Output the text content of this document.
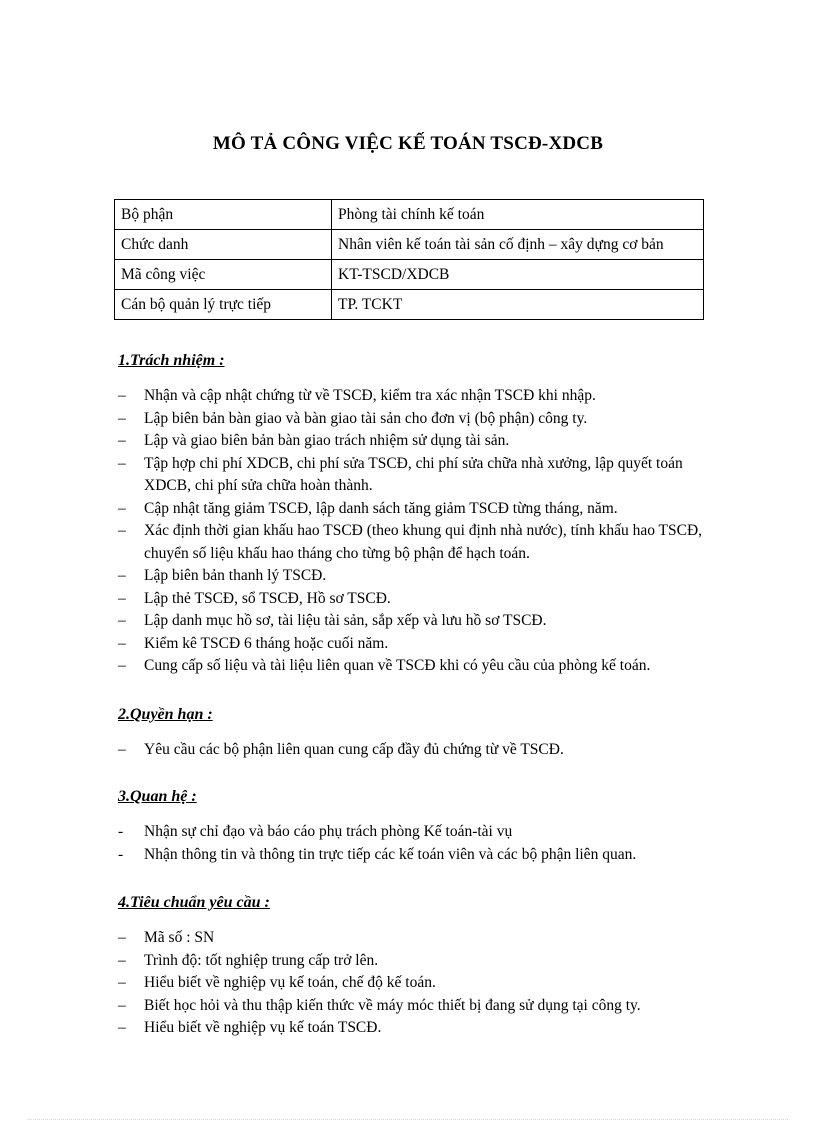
MÔ TẢ CÔNG VIỆC KẾ TOÁN TSCĐ-XDCB
Bộ phận	Phòng tài chính kế toán
Chức danh	Nhân viên kế toán tài sản cố định – xây dựng cơ bản
Mã công việc	KT-TSCD/XDCB
Cán bộ quản lý trực tiếp	TP. TCKT
1.Trách nhiệm :
– Nhận và cập nhật chứng từ về TSCĐ, kiểm tra xác nhận TSCĐ khi nhập.
– Lập biên bản bàn giao và bàn giao tài sản cho đơn vị (bộ phận) công ty.
– Lập và giao biên bản bàn giao trách nhiệm sử dụng tài sản.
– Tập hợp chi phí XDCB, chi phí sửa TSCĐ, chi phí sửa chữa nhà xưởng, lập quyết toán XDCB, chi phí sửa chữa hoàn thành.
– Cập nhật tăng giảm TSCĐ, lập danh sách tăng giảm TSCĐ từng tháng, năm.
– Xác định thời gian khấu hao TSCĐ (theo khung qui định nhà nước), tính khấu hao TSCĐ, chuyển số liệu khấu hao tháng cho từng bộ phận để hạch toán.
– Lập biên bản thanh lý TSCĐ.
– Lập thẻ TSCĐ, sổ TSCĐ, Hồ sơ TSCĐ.
– Lập danh mục hồ sơ, tài liệu tài sản, sắp xếp và lưu hồ sơ TSCĐ.
– Kiểm kê TSCĐ 6 tháng hoặc cuối năm.
– Cung cấp số liệu và tài liệu liên quan về TSCĐ khi có yêu cầu của phòng kế toán.
2.Quyền hạn :
– Yêu cầu các bộ phận liên quan cung cấp đầy đủ chứng từ về TSCĐ.
3.Quan hệ :
- Nhận sự chỉ đạo và báo cáo phụ trách phòng Kế toán-tài vụ
- Nhận thông tin và thông tin trực tiếp các kế toán viên và các bộ phận liên quan.
4.Tiêu chuẩn yêu cầu :
– Mã số : SN
– Trình độ: tốt nghiệp trung cấp trở lên.
– Hiểu biết về nghiệp vụ kế toán, chế độ kế toán.
– Biết học hỏi và thu thập kiến thức về máy móc thiết bị đang sử dụng tại công ty.
– Hiểu biết về nghiệp vụ kế toán TSCĐ.
